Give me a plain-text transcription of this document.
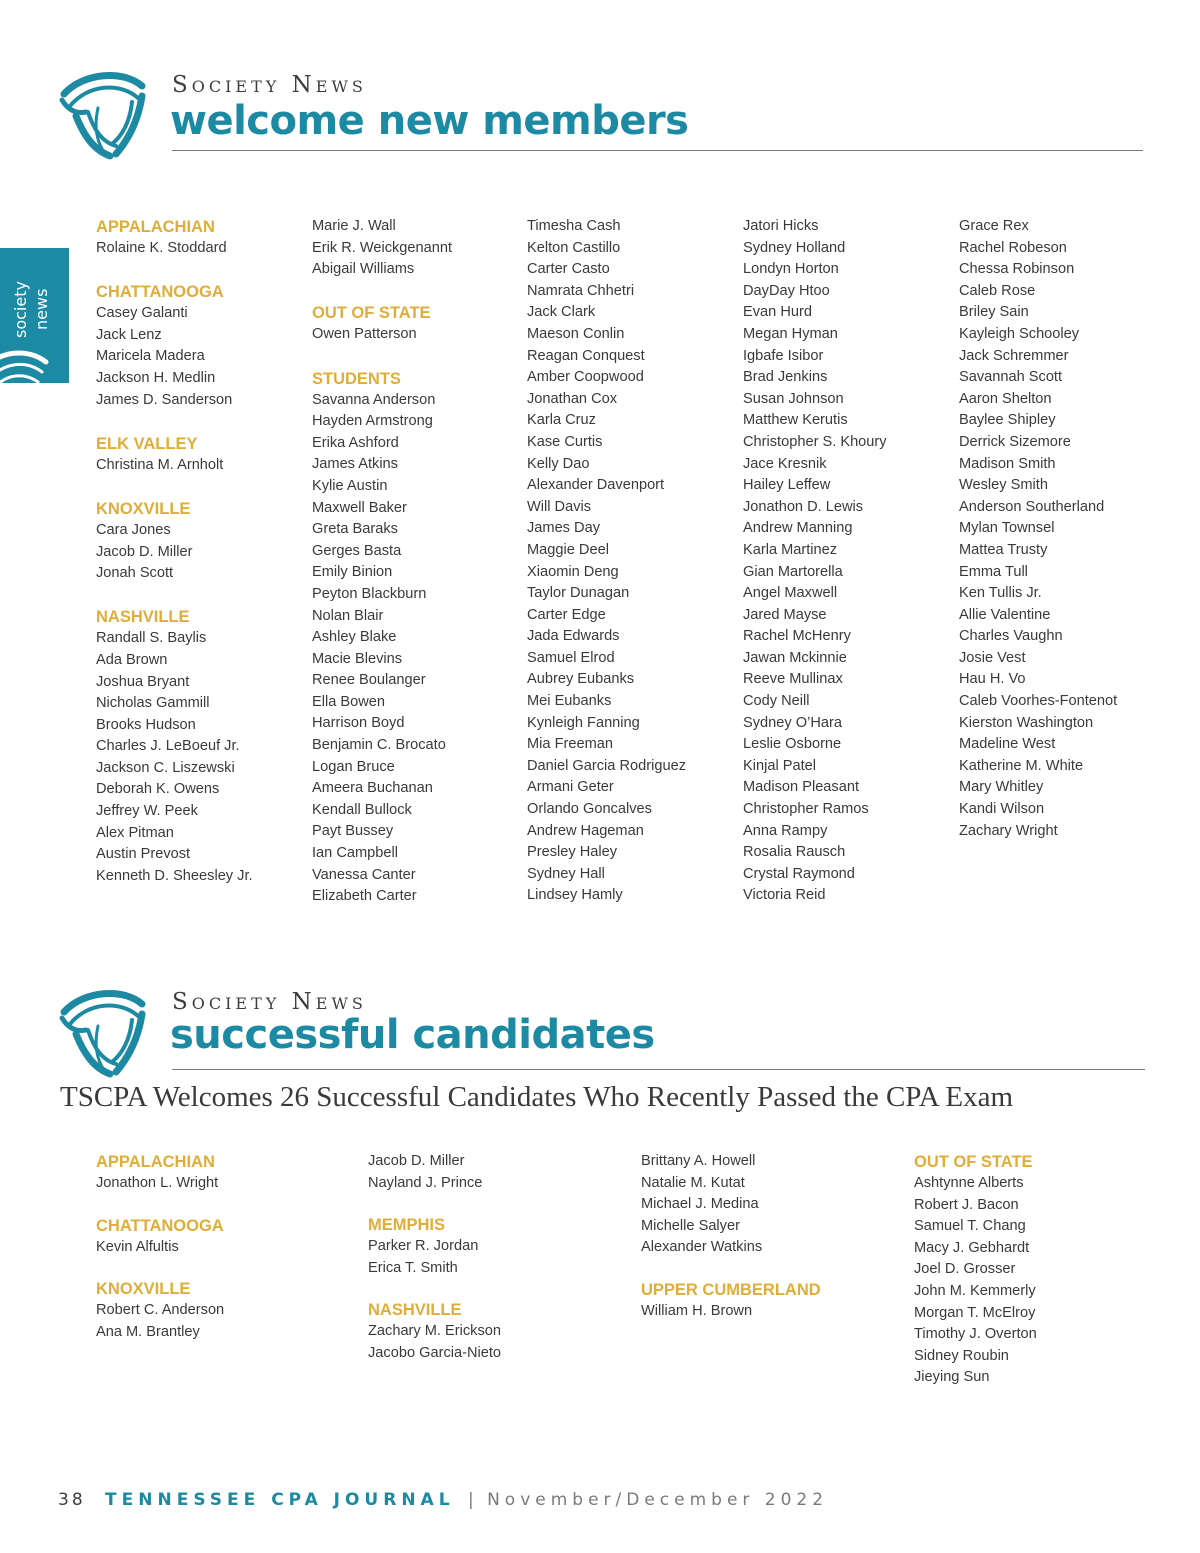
Society News
welcome new members
society news
APPALACHIAN
Rolaine K. Stoddard
CHATTANOOGA
Casey Galanti
Jack Lenz
Maricela Madera
Jackson H. Medlin
James D. Sanderson
ELK VALLEY
Christina M. Arnholt
KNOXVILLE
Cara Jones
Jacob D. Miller
Jonah Scott
NASHVILLE
Randall S. Baylis
Ada Brown
Joshua Bryant
Nicholas Gammill
Brooks Hudson
Charles J. LeBoeuf Jr.
Jackson C. Liszewski
Deborah K. Owens
Jeffrey W. Peek
Alex Pitman
Austin Prevost
Kenneth D. Sheesley Jr.
Marie J. Wall
Erik R. Weickgenannt
Abigail Williams
OUT OF STATE
Owen Patterson
STUDENTS
Savanna Anderson
Hayden Armstrong
Erika Ashford
James Atkins
Kylie Austin
Maxwell Baker
Greta Baraks
Gerges Basta
Emily Binion
Peyton Blackburn
Nolan Blair
Ashley Blake
Macie Blevins
Renee Boulanger
Ella Bowen
Harrison Boyd
Benjamin C. Brocato
Logan Bruce
Ameera Buchanan
Kendall Bullock
Payt Bussey
Ian Campbell
Vanessa Canter
Elizabeth Carter
Timesha Cash
Kelton Castillo
Carter Casto
Namrata Chhetri
Jack Clark
Maeson Conlin
Reagan Conquest
Amber Coopwood
Jonathan Cox
Karla Cruz
Kase Curtis
Kelly Dao
Alexander Davenport
Will Davis
James Day
Maggie Deel
Xiaomin Deng
Taylor Dunagan
Carter Edge
Jada Edwards
Samuel Elrod
Aubrey Eubanks
Mei Eubanks
Kynleigh Fanning
Mia Freeman
Daniel Garcia Rodriguez
Armani Geter
Orlando Goncalves
Andrew Hageman
Presley Haley
Sydney Hall
Lindsey Hamly
Jatori Hicks
Sydney Holland
Londyn Horton
DayDay Htoo
Evan Hurd
Megan Hyman
Igbafe Isibor
Brad Jenkins
Susan Johnson
Matthew Kerutis
Christopher S. Khoury
Jace Kresnik
Hailey Leffew
Jonathon D. Lewis
Andrew Manning
Karla Martinez
Gian Martorella
Angel Maxwell
Jared Mayse
Rachel McHenry
Jawan Mckinnie
Reeve Mullinax
Cody Neill
Sydney O’Hara
Leslie Osborne
Kinjal Patel
Madison Pleasant
Christopher Ramos
Anna Rampy
Rosalia Rausch
Crystal Raymond
Victoria Reid
Grace Rex
Rachel Robeson
Chessa Robinson
Caleb Rose
Briley Sain
Kayleigh Schooley
Jack Schremmer
Savannah Scott
Aaron Shelton
Baylee Shipley
Derrick Sizemore
Madison Smith
Wesley Smith
Anderson Southerland
Mylan Townsel
Mattea Trusty
Emma Tull
Ken Tullis Jr.
Allie Valentine
Charles Vaughn
Josie Vest
Hau H. Vo
Caleb Voorhes-Fontenot
Kierston Washington
Madeline West
Katherine M. White
Mary Whitley
Kandi Wilson
Zachary Wright
Society News
successful candidates
TSCPA Welcomes 26 Successful Candidates Who Recently Passed the CPA Exam
APPALACHIAN
Jonathon L. Wright
CHATTANOOGA
Kevin Alfultis
KNOXVILLE
Robert C. Anderson
Ana M. Brantley
Jacob D. Miller
Nayland J. Prince
MEMPHIS
Parker R. Jordan
Erica T. Smith
NASHVILLE
Zachary M. Erickson
Jacobo Garcia-Nieto
Brittany A. Howell
Natalie M. Kutat
Michael J. Medina
Michelle Salyer
Alexander Watkins
UPPER CUMBERLAND
William H. Brown
OUT OF STATE
Ashtynne Alberts
Robert J. Bacon
Samuel T. Chang
Macy J. Gebhardt
Joel D. Grosser
John M. Kemmerly
Morgan T. McElroy
Timothy J. Overton
Sidney Roubin
Jieying Sun
38 TENNESSEE CPA JOURNAL | November/December 2022
